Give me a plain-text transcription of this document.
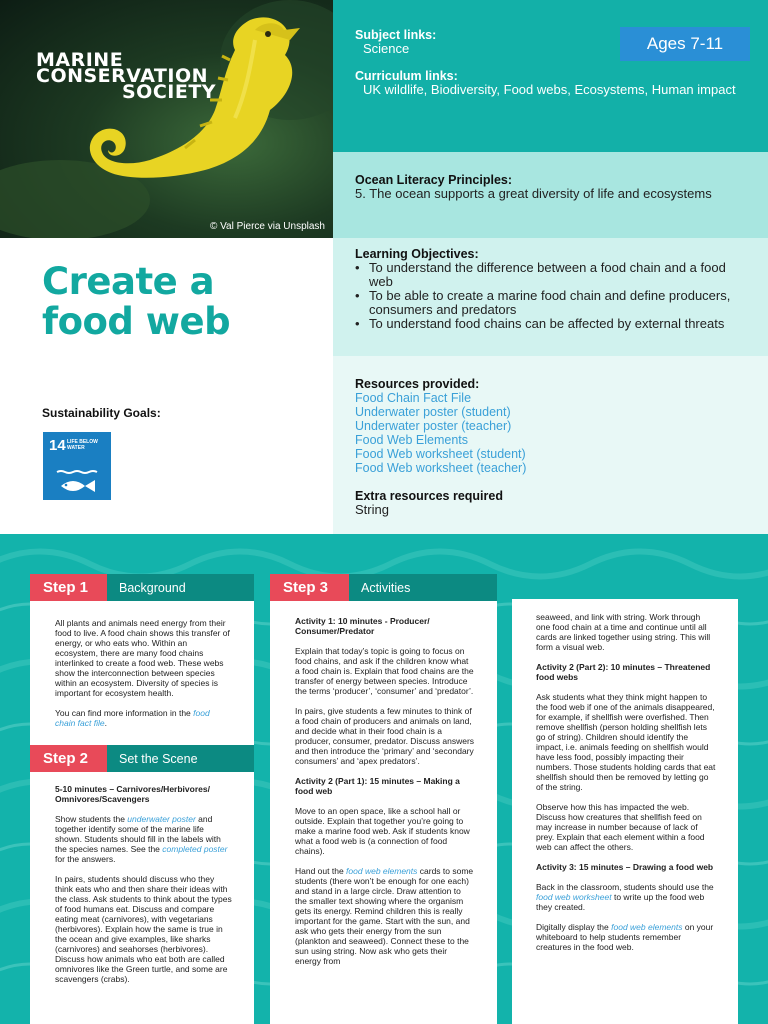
MARINE
CONSERVATION
SOCIETY
© Val Pierce via Unsplash
Create a food web
Sustainability Goals:
14 LIFE BELOW WATER
Subject links:
Science
Curriculum links:
UK wildlife, Biodiversity, Food webs, Ecosystems, Human impact
Ages 7-11
Ocean Literacy Principles:
5. The ocean supports a great diversity of life and ecosystems
Learning Objectives:
• To understand the difference between a food chain and a food web
• To be able to create a marine food chain and define producers, consumers and predators
• To understand food chains can be affected by external threats
Resources provided:
Food Chain Fact File
Underwater poster (student)
Underwater poster (teacher)
Food Web Elements
Food Web worksheet (student)
Food Web worksheet (teacher)
Extra resources required
String

All plants and animals need energy from their food to live. A food chain shows this transfer of energy, or who eats who. Within an ecosystem, there are many food chains interlinked to create a food web. These webs show the interconnection between species within an ecosystem. Diversity of species is important for ecosystem health.

You can find more information in the food chain fact file.

5-10 minutes – Carnivores/Herbivores/ Omnivores/Scavengers

Show students the underwater poster and together identify some of the marine life shown. Students should fill in the labels with the species names. See the completed poster for the answers.

In pairs, students should discuss who they think eats who and then share their ideas with the class. Ask students to think about the types of food humans eat. Discuss and compare eating meat (carnivores), with vegetarians (herbivores). Explain how the same is true in the ocean and give examples, like sharks (carnivores) and seahorses (herbivores). Discuss how animals who eat both are called omnivores like the Green turtle, and some are scavengers (crabs).

Step 1	Background
Step 2	Set the Scene

Activity 1: 10 minutes - Producer/ Consumer/Predator

Explain that today’s topic is going to focus on food chains, and ask if the children know what a food chain is. Explain that food chains are the transfer of energy between species. Introduce the terms ‘producer’, ‘consumer’ and ‘predator’.

In pairs, give students a few minutes to think of a food chain of producers and animals on land, and decide what in their food chain is a producer, consumer, predator. Discuss answers and then introduce the ‘primary’ and ‘secondary consumers’ and ‘apex predators’.

Activity 2 (Part 1): 15 minutes – Making a food web

Move to an open space, like a school hall or outside. Explain that together you’re going to make a marine food web. Ask if students know what a food web is (a connection of food chains).

Hand out the food web elements cards to some students (there won’t be enough for one each) and stand in a large circle. Draw attention to the smaller text showing where the organism gets its energy. Remind children this is really important for the game. Start with the sun, and ask who gets their energy from the sun (plankton and seaweed). Connect these to the sun using string. Now ask who gets their energy from

Step 3	Activities

seaweed, and link with string. Work through one food chain at a time and continue until all cards are linked together using string. This will form a visual web.

Activity 2 (Part 2): 10 minutes – Threatened food webs

Ask students what they think might happen to the food web if one of the animals disappeared, for example, if shellfish were overfished. Then remove shellfish (person holding shellfish lets go of string). Children should identify the impact, i.e. animals feeding on shellfish would have less food, possibly impacting their numbers. Those students holding cards that eat shellfish should then be removed by letting go of the string.

Observe how this has impacted the web. Discuss how creatures that shellfish feed on may increase in number because of lack of prey. Explain that each element within a food web can affect the others.

Activity 3: 15 minutes – Drawing a food web

Back in the classroom, students should use the food web worksheet to write up the food web they created.

Digitally display the food web elements on your whiteboard to help students remember creatures in the food web.
